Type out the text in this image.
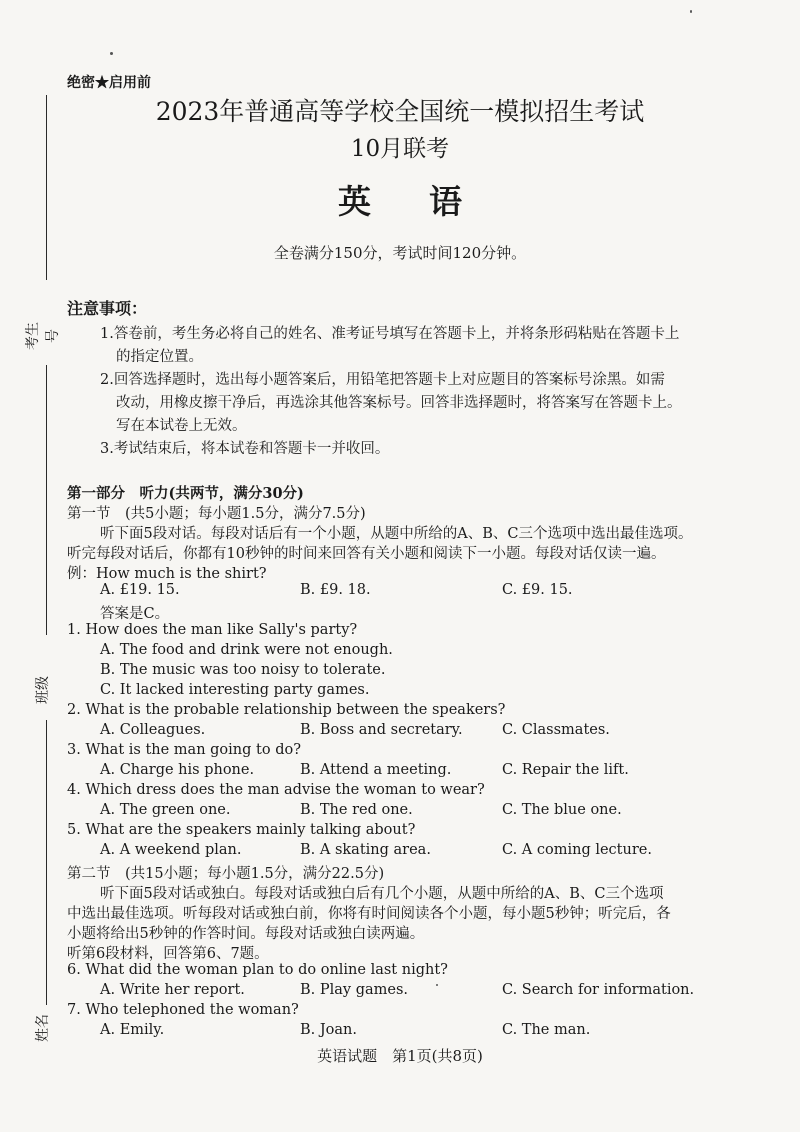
考生号
班级
姓名
绝密★启用前
2023年普通高等学校全国统一模拟招生考试
10月联考
英语
全卷满分150分，考试时间120分钟。
注意事项：
1.答卷前，考生务必将自己的姓名、准考证号填写在答题卡上，并将条形码粘贴在答题卡上
的指定位置。
2.回答选择题时，选出每小题答案后，用铅笔把答题卡上对应题目的答案标号涂黑。如需
改动，用橡皮擦干净后，再选涂其他答案标号。回答非选择题时，将答案写在答题卡上。
写在本试卷上无效。
3.考试结束后，将本试卷和答题卡一并收回。
第一部分　听力(共两节，满分30分)
第一节　(共5小题；每小题1.5分，满分7.5分)
听下面5段对话。每段对话后有一个小题，从题中所给的A、B、C三个选项中选出最佳选项。
听完每段对话后，你都有10秒钟的时间来回答有关小题和阅读下一小题。每段对话仅读一遍。
例：How much is the shirt?
A. £19. 15.	B. £9. 18.	C. £9. 15.
答案是C。
1. How does the man like Sally's party?
A. The food and drink were not enough.
B. The music was too noisy to tolerate.
C. It lacked interesting party games.
2. What is the probable relationship between the speakers?
A. Colleagues.	B. Boss and secretary.	C. Classmates.
3. What is the man going to do?
A. Charge his phone.	B. Attend a meeting.	C. Repair the lift.
4. Which dress does the man advise the woman to wear?
A. The green one.	B. The red one.	C. The blue one.
5. What are the speakers mainly talking about?
A. A weekend plan.	B. A skating area.	C. A coming lecture.
第二节　(共15小题；每小题1.5分，满分22.5分)
听下面5段对话或独白。每段对话或独白后有几个小题，从题中所给的A、B、C三个选项
中选出最佳选项。听每段对话或独白前，你将有时间阅读各个小题，每小题5秒钟；听完后，各
小题将给出5秒钟的作答时间。每段对话或独白读两遍。
听第6段材料，回答第6、7题。
6. What did the woman plan to do online last night?
A. Write her report.	B. Play games.	C. Search for information.
7. Who telephoned the woman?
A. Emily.	B. Joan.	C. The man.
英语试题　第1页(共8页)
